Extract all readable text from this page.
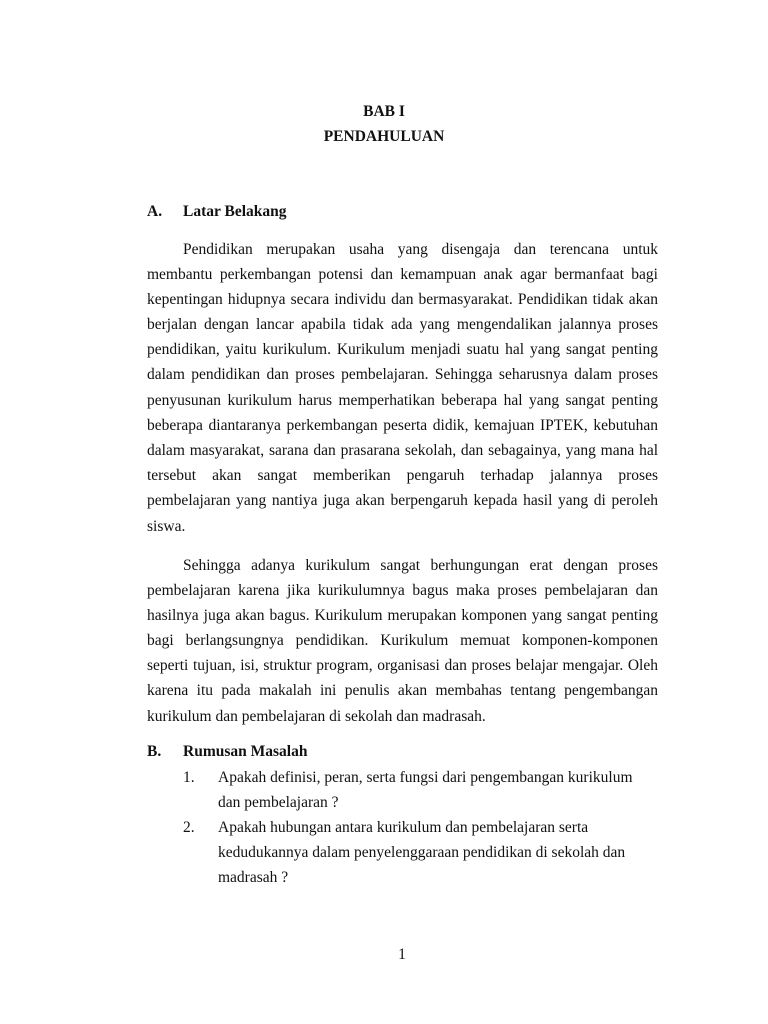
BAB I
PENDAHULUAN
A. Latar Belakang
Pendidikan merupakan usaha yang disengaja dan terencana untuk
membantu perkembangan potensi dan kemampuan anak agar bermanfaat bagi
kepentingan hidupnya secara individu dan bermasyarakat. Pendidikan tidak akan
berjalan dengan lancar apabila tidak ada yang mengendalikan jalannya proses
pendidikan, yaitu kurikulum. Kurikulum menjadi suatu hal yang sangat penting
dalam pendidikan dan proses pembelajaran. Sehingga seharusnya dalam proses
penyusunan kurikulum harus memperhatikan beberapa hal yang sangat penting
beberapa diantaranya perkembangan peserta didik, kemajuan IPTEK, kebutuhan
dalam masyarakat, sarana dan prasarana sekolah, dan sebagainya, yang mana hal
tersebut akan sangat memberikan pengaruh terhadap jalannya proses
pembelajaran yang nantiya juga akan berpengaruh kepada hasil yang di peroleh
siswa.
Sehingga adanya kurikulum sangat berhungungan erat dengan proses
pembelajaran karena jika kurikulumnya bagus maka proses pembelajaran dan
hasilnya juga akan bagus. Kurikulum merupakan komponen yang sangat penting
bagi berlangsungnya pendidikan. Kurikulum memuat komponen-komponen
seperti tujuan, isi, struktur program, organisasi dan proses belajar mengajar. Oleh
karena itu pada makalah ini penulis akan membahas tentang pengembangan
kurikulum dan pembelajaran di sekolah dan madrasah.
B. Rumusan Masalah
1.	Apakah definisi, peran, serta fungsi dari pengembangan kurikulum
dan pembelajaran ?
2.	Apakah hubungan antara kurikulum dan pembelajaran serta
kedudukannya dalam penyelenggaraan pendidikan di sekolah dan
madrasah ?
1
